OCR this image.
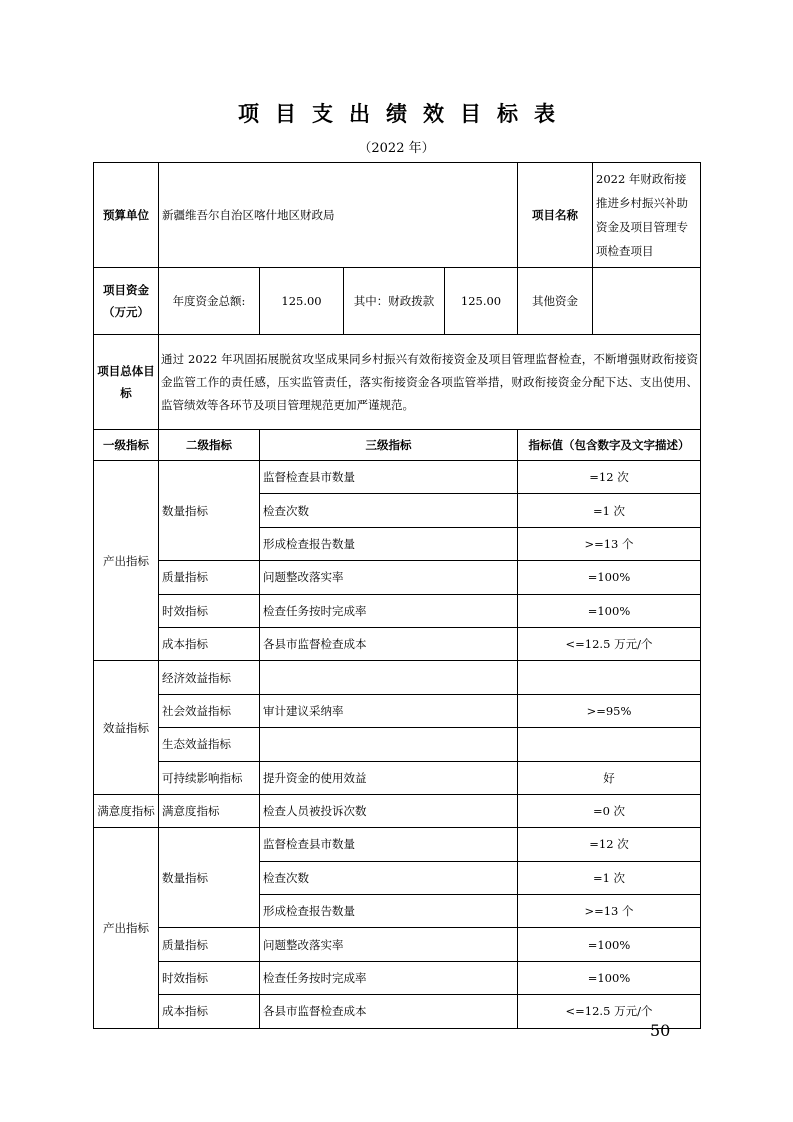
项目支出绩效目标表
（2022 年）
预算单位	新疆维吾尔自治区喀什地区财政局				项目名称	2022 年财政衔接推进乡村振兴补助资金及项目管理专项检查项目
项目资金（万元）	年度资金总额:	125.00	其中：财政拨款	125.00	其他资金	
项目总体目标	通过 2022 年巩固拓展脱贫攻坚成果同乡村振兴有效衔接资金及项目管理监督检查，不断增强财政衔接资金监管工作的责任感，压实监管责任，落实衔接资金各项监管举措，财政衔接资金分配下达、支出使用、监管绩效等各环节及项目管理规范更加严谨规范。					
一级指标	二级指标	三级指标			指标值（包含数字及文字描述）	
产出指标	数量指标	监督检查县市数量			=12 次	
		检查次数			=1 次	
		形成检查报告数量			>=13 个	
	质量指标	问题整改落实率			=100%	
	时效指标	检查任务按时完成率			=100%	
	成本指标	各县市监督检查成本			<=12.5 万元/个	
效益指标	经济效益指标					
	社会效益指标	审计建议采纳率			>=95%	
	生态效益指标					
	可持续影响指标	提升资金的使用效益			好	
满意度指标	满意度指标	检查人员被投诉次数			=0 次	
产出指标	数量指标	监督检查县市数量			=12 次	
		检查次数			=1 次	
		形成检查报告数量			>=13 个	
	质量指标	问题整改落实率			=100%	
	时效指标	检查任务按时完成率			=100%	
	成本指标	各县市监督检查成本			<=12.5 万元/个	
50
